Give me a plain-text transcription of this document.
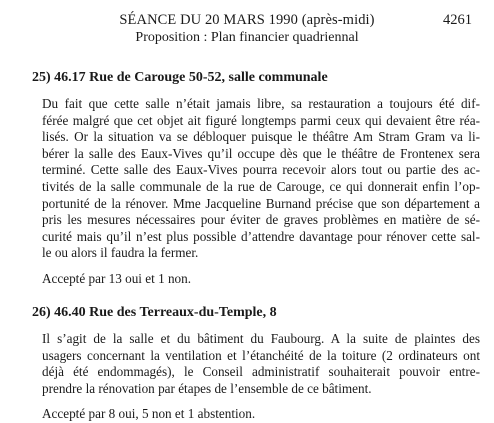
SÉANCE DU 20 MARS 1990 (après-midi)	4261
Proposition : Plan financier quadriennal

25) 46.17 Rue de Carouge 50-52, salle communale

Du fait que cette salle n’était jamais libre, sa restauration a toujours été dif-
férée malgré que cet objet ait figuré longtemps parmi ceux qui devaient être réa-
lisés. Or la situation va se débloquer puisque le théâtre Am Stram Gram va li-
bérer la salle des Eaux-Vives qu’il occupe dès que le théâtre de Frontenex sera
terminé. Cette salle des Eaux-Vives pourra recevoir alors tout ou partie des ac-
tivités de la salle communale de la rue de Carouge, ce qui donnerait enfin l’op-
portunité de la rénover. Mme Jacqueline Burnand précise que son département a
pris les mesures nécessaires pour éviter de graves problèmes en matière de sé-
curité mais qu’il n’est plus possible d’attendre davantage pour rénover cette sal-
le ou alors il faudra la fermer.

Accepté par 13 oui et 1 non.

26) 46.40 Rue des Terreaux-du-Temple, 8

Il s’agit de la salle et du bâtiment du Faubourg. A la suite de plaintes des
usagers concernant la ventilation et l’étanchéité de la toiture (2 ordinateurs ont
déjà été endommagés), le Conseil administratif souhaiterait pouvoir entre-
prendre la rénovation par étapes de l’ensemble de ce bâtiment.

Accepté par 8 oui, 5 non et 1 abstention.
